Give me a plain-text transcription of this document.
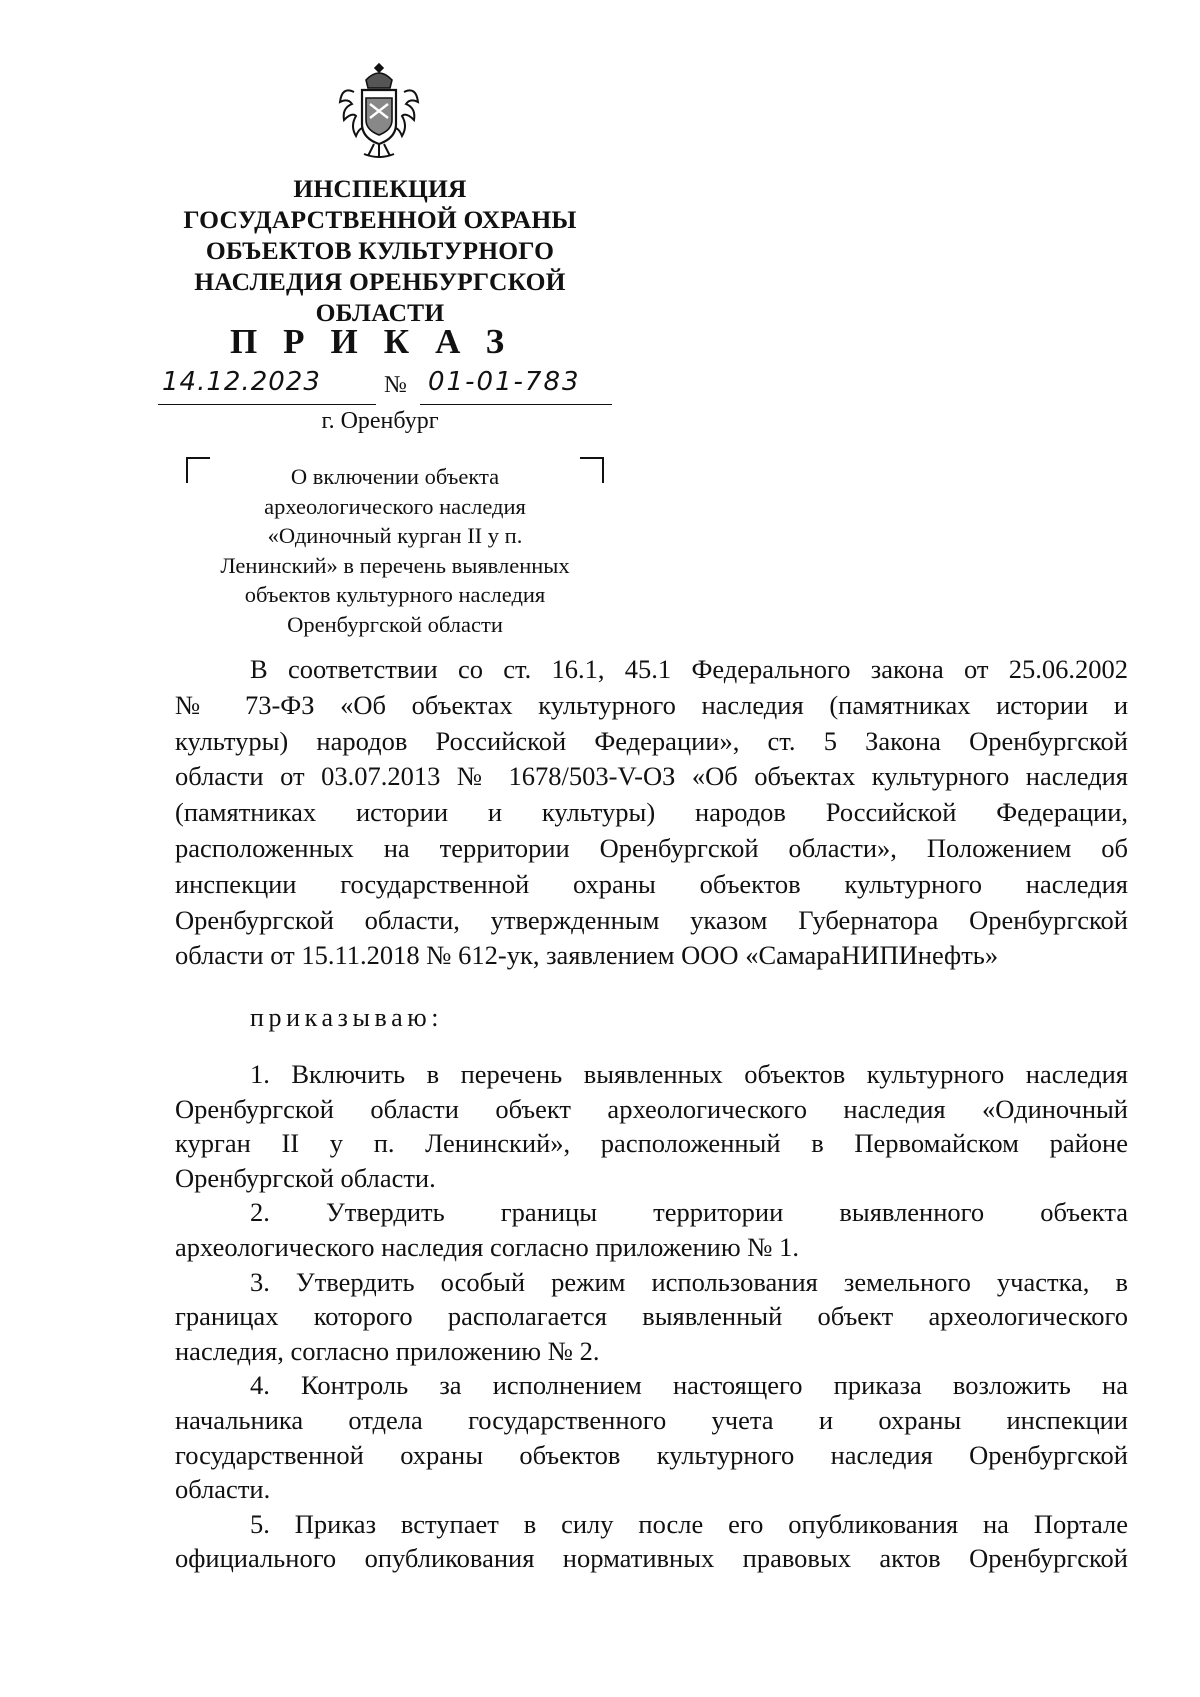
ИНСПЕКЦИЯ
ГОСУДАРСТВЕННОЙ ОХРАНЫ
ОБЪЕКТОВ КУЛЬТУРНОГО
НАСЛЕДИЯ ОРЕНБУРГСКОЙ
ОБЛАСТИ
ПРИКАЗ
14.12.2023	№ 01-01-783
г. Оренбург
О включении объекта
археологического наследия
«Одиночный курган II у п.
Ленинский» в перечень выявленных
объектов культурного наследия
Оренбургской области
В соответствии со ст. 16.1, 45.1 Федерального закона от 25.06.2002
№ 73-ФЗ «Об объектах культурного наследия (памятниках истории и
культуры) народов Российской Федерации», ст. 5 Закона Оренбургской
области от 03.07.2013 № 1678/503-V-ОЗ «Об объектах культурного наследия
(памятниках истории и культуры) народов Российской Федерации,
расположенных на территории Оренбургской области», Положением об
инспекции государственной охраны объектов культурного наследия
Оренбургской области, утвержденным указом Губернатора Оренбургской
области от 15.11.2018 № 612-ук, заявлением ООО «СамараНИПИнефть»
приказываю:
1. Включить в перечень выявленных объектов культурного наследия
Оренбургской области объект археологического наследия «Одиночный
курган II у п. Ленинский», расположенный в Первомайском районе
Оренбургской области.
2. Утвердить границы территории выявленного объекта
археологического наследия согласно приложению № 1.
3. Утвердить особый режим использования земельного участка, в
границах которого располагается выявленный объект археологического
наследия, согласно приложению № 2.
4. Контроль за исполнением настоящего приказа возложить на
начальника отдела государственного учета и охраны инспекции
государственной охраны объектов культурного наследия Оренбургской
области.
5. Приказ вступает в силу после его опубликования на Портале
официального опубликования нормативных правовых актов Оренбургской
